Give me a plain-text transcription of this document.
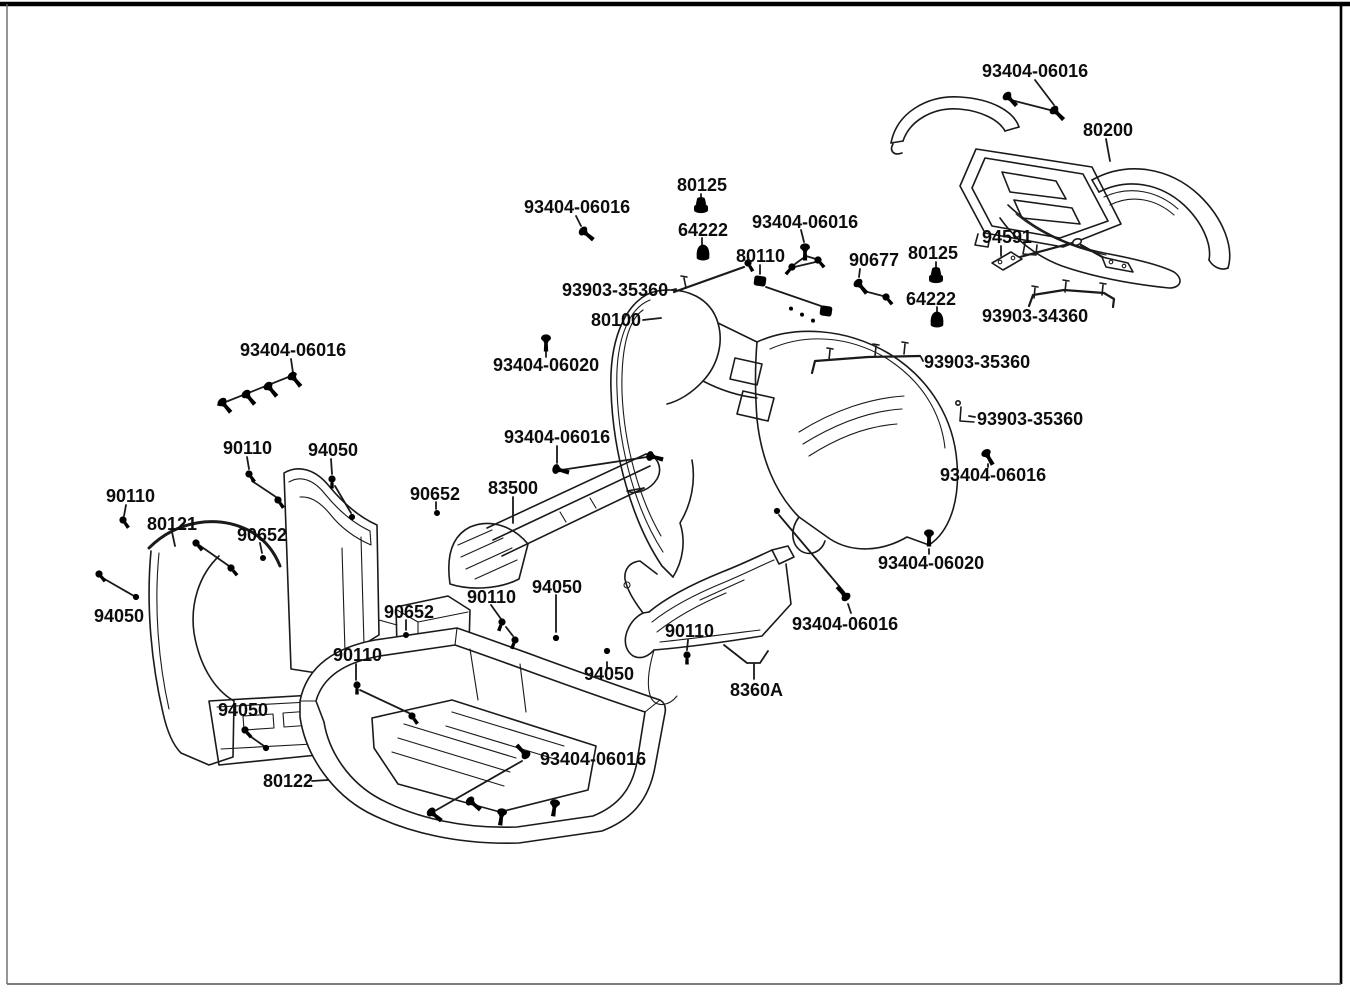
93404-06016
80200
94591
80125
64222
93903-34360
93903-35360
93903-35360
93404-06016
93404-06020
80125
93404-06016
64222 93404-06016
80110	90677
93903-35360
80100
93404-06020
93404-06016
90110 94050
90110
80121
90652
94050
93404-06016
83500
90652
90652
90110 94050
90110
94050
80122
93404-06016
94050
90110	93404-06016
8360A
